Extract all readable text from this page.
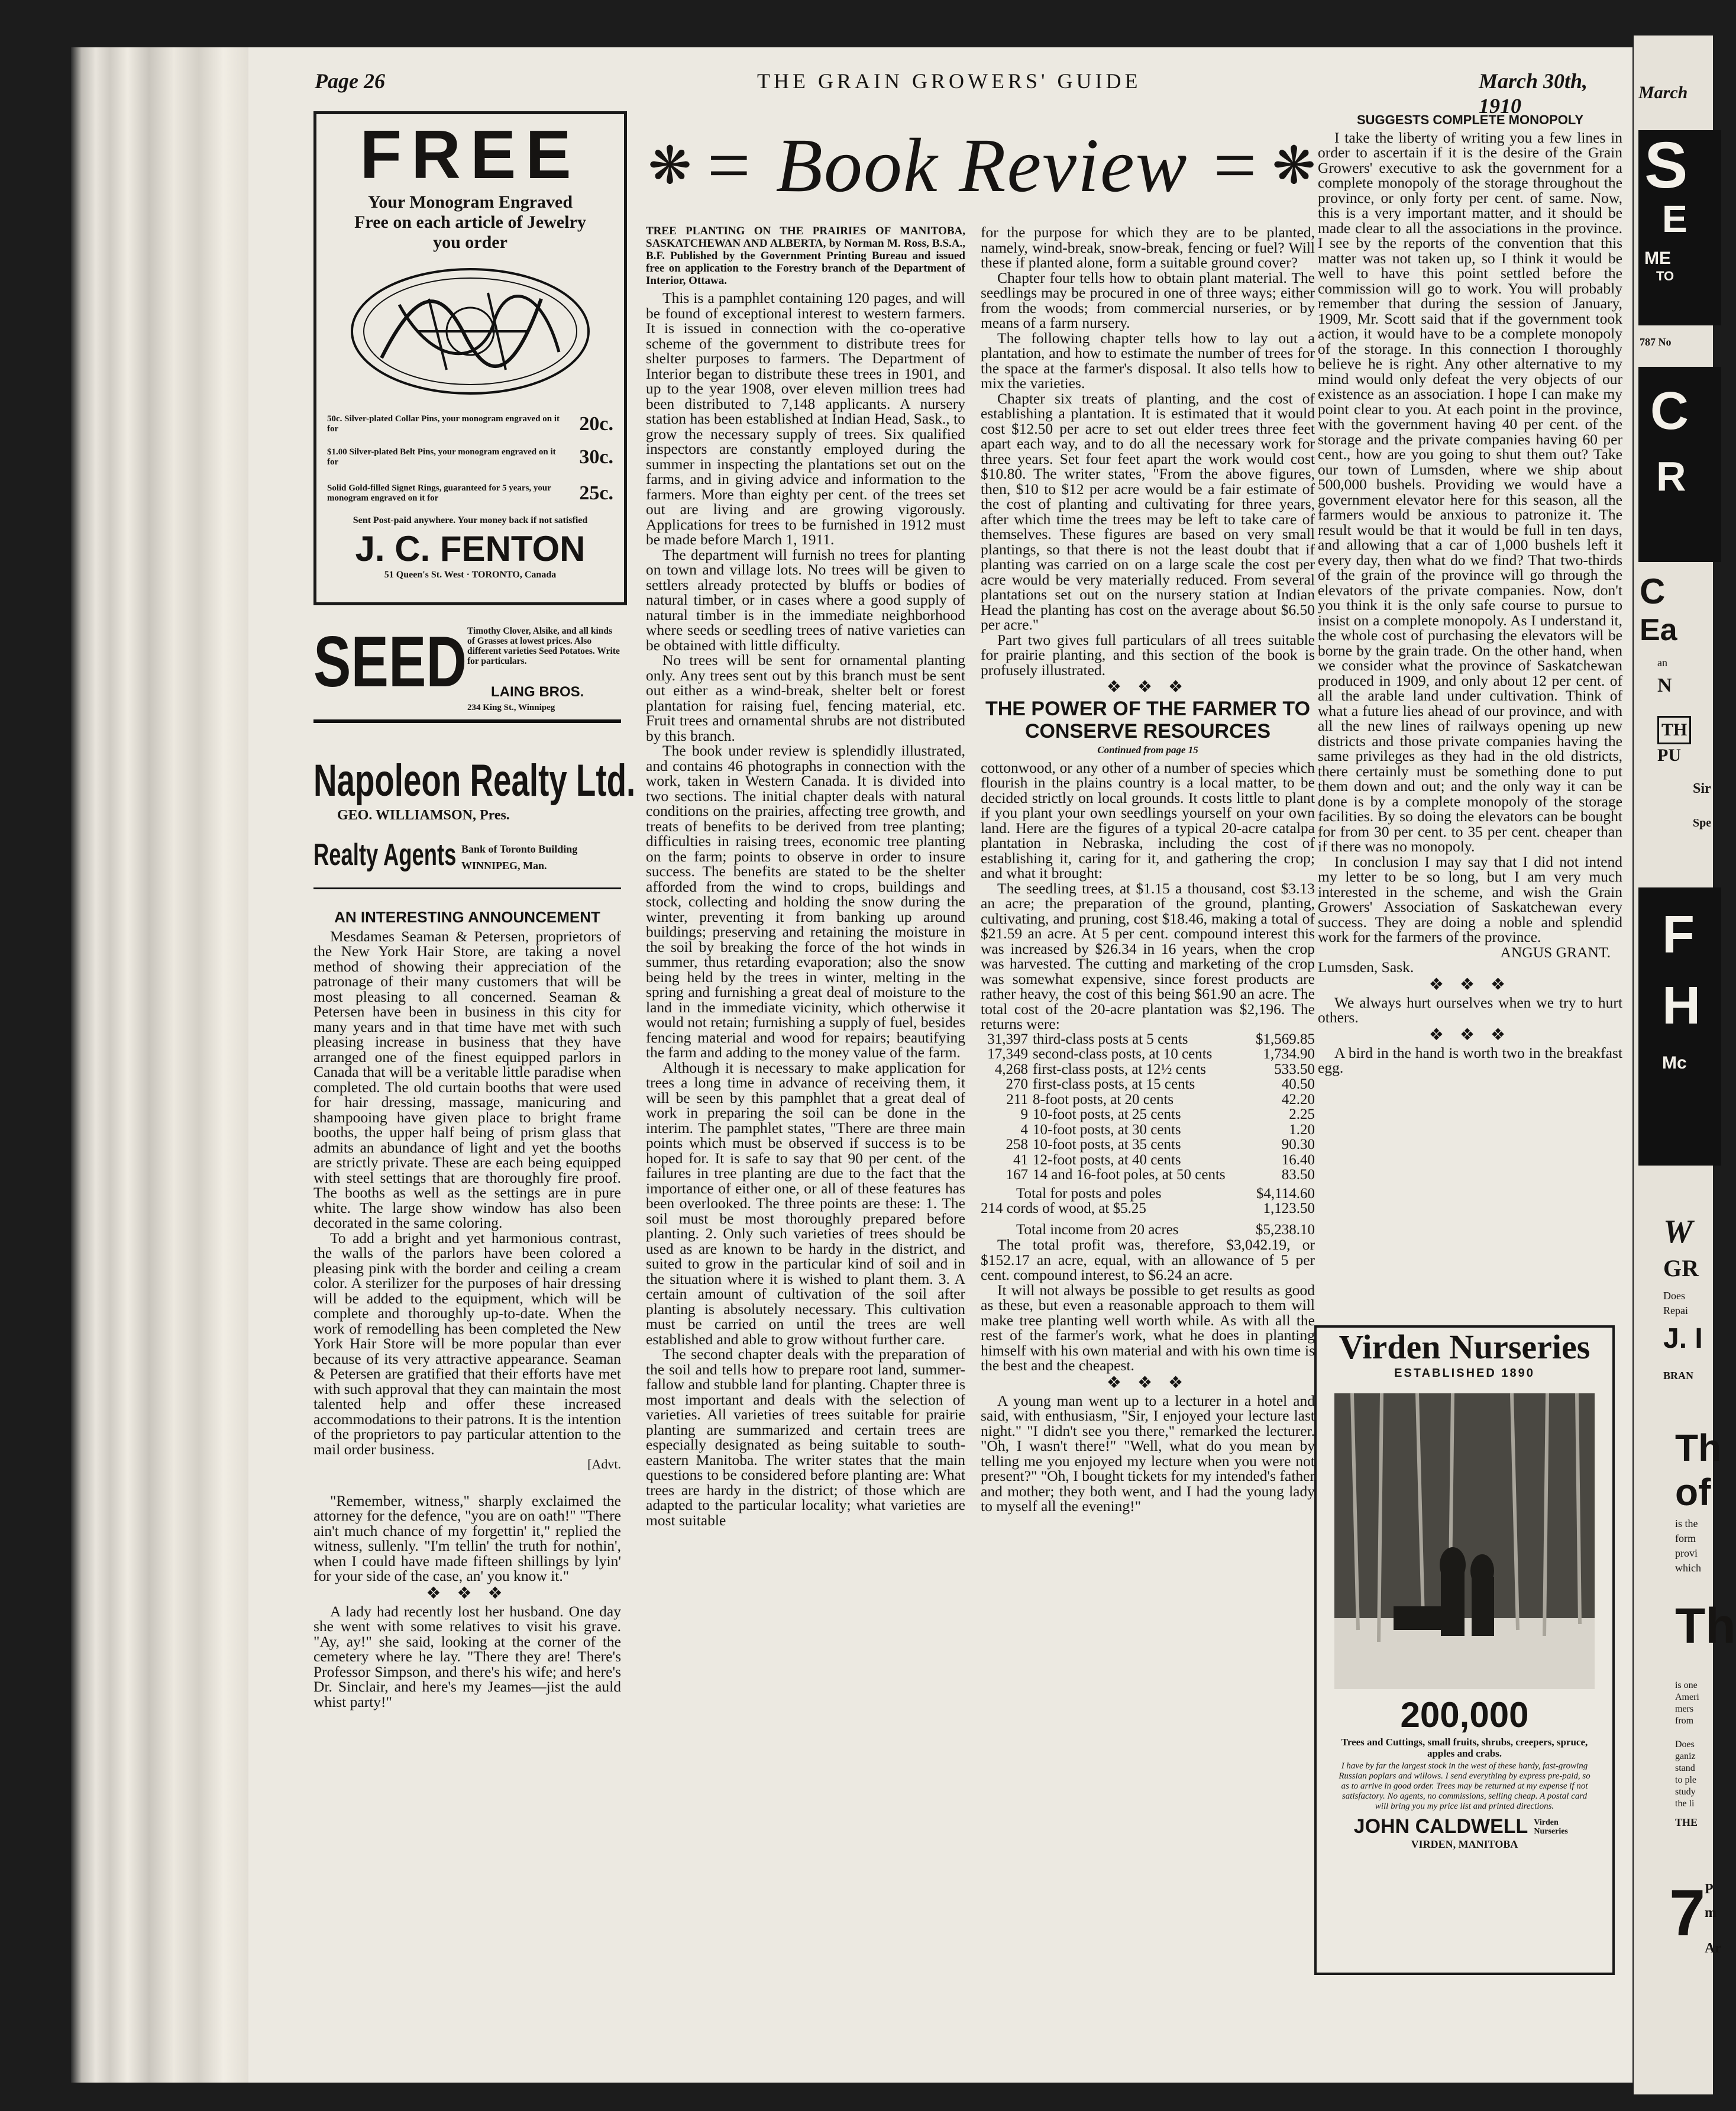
Page 26	THE GRAIN GROWERS' GUIDE	March 30th, 1910
FREE
Your Monogram Engraved Free on each article of Jewelry you order
50c. Silver-plated Collar Pins, your monogram engraved on it for	20c.
$1.00 Silver-plated Belt Pins, your monogram engraved on it for	30c.
Solid Gold-filled Signet Rings, guaranteed for 5 years, your monogram engraved on it for	25c.
Sent Post-paid anywhere. Your money back if not satisfied
J. C. FENTON
51 Queen's St. West · TORONTO, Canada
SEED Timothy Clover, Alsike, and all kinds of Grasses at lowest prices. Also different varieties Seed Potatoes. Write for particulars.
LAING BROS.
234 King St., Winnipeg
Napoleon Realty Ltd.
GEO. WILLIAMSON, Pres.
Realty Agents Bank of Toronto Building
WINNIPEG, Man.
AN INTERESTING ANNOUNCEMENT

Mesdames Seaman & Petersen, proprietors of the New York Hair Store, are taking a novel method of showing their appreciation of the patronage of their many customers that will be most pleasing to all concerned. Seaman & Petersen have been in business in this city for many years and in that time have met with such pleasing increase in business that they have arranged one of the finest equipped parlors in Canada that will be a veritable little paradise when completed. The old curtain booths that were used for hair dressing, massage, manicuring and shampooing have given place to bright frame booths, the upper half being of prism glass that admits an abundance of light and yet the booths are strictly private. These are each being equipped with steel settings that are thoroughly fire proof. The booths as well as the settings are in pure white. The large show window has also been decorated in the same coloring.

To add a bright and yet harmonious contrast, the walls of the parlors have been colored a pleasing pink with the border and ceiling a cream color. A sterilizer for the purposes of hair dressing will be added to the equipment, which will be complete and thoroughly up-to-date. When the work of remodelling has been completed the New York Hair Store will be more popular than ever because of its very attractive appearance. Seaman & Petersen are gratified that their efforts have met with such approval that they can maintain the most talented help and offer these increased accommodations to their patrons. It is the intention of the proprietors to pay particular attention to the mail order business.

[Advt.

"Remember, witness," sharply exclaimed the attorney for the defence, "you are on oath!" "There ain't much chance of my forgettin' it," replied the witness, sullenly. "I'm tellin' the truth for nothin', when I could have made fifteen shillings by lyin' for your side of the case, an' you know it."

❖ ❖ ❖

A lady had recently lost her husband. One day she went with some relatives to visit his grave. "Ay, ay!" she said, looking at the corner of the cemetery where he lay. "There they are! There's Professor Simpson, and there's his wife; and here's Dr. Sinclair, and here's my Jeames—jist the auld whist party!"

❋ = Book Review = ❋
TREE PLANTING ON THE PRAIRIES OF MANITOBA, SASKATCHEWAN AND ALBERTA, by Norman M. Ross, B.S.A., B.F. Published by the Government Printing Bureau and issued free on application to the Forestry branch of the Department of Interior, Ottawa.

This is a pamphlet containing 120 pages, and will be found of exceptional interest to western farmers. It is issued in connection with the co-operative scheme of the government to distribute trees for shelter purposes to farmers. The Department of Interior began to distribute these trees in 1901, and up to the year 1908, over eleven million trees had been distributed to 7,148 applicants. A nursery station has been established at Indian Head, Sask., to grow the necessary supply of trees. Six qualified inspectors are constantly employed during the summer in inspecting the plantations set out on the farms, and in giving advice and information to the farmers. More than eighty per cent. of the trees set out are living and are growing vigorously. Applications for trees to be furnished in 1912 must be made before March 1, 1911.

The department will furnish no trees for planting on town and village lots. No trees will be given to settlers already protected by bluffs or bodies of natural timber, or in cases where a good supply of natural timber is in the immediate neighborhood where seeds or seedling trees of native varieties can be obtained with little difficulty.

No trees will be sent for ornamental planting only. Any trees sent out by this branch must be sent out either as a wind-break, shelter belt or forest plantation for raising fuel, fencing material, etc. Fruit trees and ornamental shrubs are not distributed by this branch.

The book under review is splendidly illustrated, and contains 46 photographs in connection with the work, taken in Western Canada. It is divided into two sections. The initial chapter deals with natural conditions on the prairies, affecting tree growth, and treats of benefits to be derived from tree planting; difficulties in raising trees, economic tree planting on the farm; points to observe in order to insure success. The benefits are stated to be the shelter afforded from the wind to crops, buildings and stock, collecting and holding the snow during the winter, preventing it from banking up around buildings; preserving and retaining the moisture in the soil by breaking the force of the hot winds in summer, thus retarding evaporation; also the snow being held by the trees in winter, melting in the spring and furnishing a great deal of moisture to the land in the immediate vicinity, which otherwise it would not retain; furnishing a supply of fuel, besides fencing material and wood for repairs; beautifying the farm and adding to the money value of the farm.

Although it is necessary to make application for trees a long time in advance of receiving them, it will be seen by this pamphlet that a great deal of work in preparing the soil can be done in the interim. The pamphlet states, "There are three main points which must be observed if success is to be hoped for. It is safe to say that 90 per cent. of the failures in tree planting are due to the fact that the importance of either one, or all of these features has been overlooked. The three points are these: 1. The soil must be most thoroughly prepared before planting. 2. Only such varieties of trees should be used as are known to be hardy in the district, and suited to grow in the particular kind of soil and in the situation where it is wished to plant them. 3. A certain amount of cultivation of the soil after planting is absolutely necessary. This cultivation must be carried on until the trees are well established and able to grow without further care.

The second chapter deals with the preparation of the soil and tells how to prepare root land, summer-fallow and stubble land for planting. Chapter three is most important and deals with the selection of varieties. All varieties of trees suitable for prairie planting are summarized and certain trees are especially designated as being suitable to south-eastern Manitoba. The writer states that the main questions to be considered before planting are: What trees are hardy in the district; of those which are adapted to the particular locality; what varieties are most suitable

for the purpose for which they are to be planted, namely, wind-break, snow-break, fencing or fuel? Will these if planted alone, form a suitable ground cover?

Chapter four tells how to obtain plant material. The seedlings may be procured in one of three ways; either from the woods; from commercial nurseries, or by means of a farm nursery.

The following chapter tells how to lay out a plantation, and how to estimate the number of trees for the space at the farmer's disposal. It also tells how to mix the varieties.

Chapter six treats of planting, and the cost of establishing a plantation. It is estimated that it would cost $12.50 per acre to set out elder trees three feet apart each way, and to do all the necessary work for three years. Set four feet apart the work would cost $10.80. The writer states, "From the above figures, then, $10 to $12 per acre would be a fair estimate of the cost of planting and cultivating for three years, after which time the trees may be left to take care of themselves. These figures are based on very small plantings, so that there is not the least doubt that if planting was carried on on a large scale the cost per acre would be very materially reduced. From several plantations set out on the nursery station at Indian Head the planting has cost on the average about $6.50 per acre."

Part two gives full particulars of all trees suitable for prairie planting, and this section of the book is profusely illustrated.

❖ ❖ ❖
THE POWER OF THE FARMER TO CONSERVE RESOURCES
Continued from page 15

cottonwood, or any other of a number of species which flourish in the plains country is a local matter, to be decided strictly on local grounds. It costs little to plant if you plant your own seedlings yourself on your own land. Here are the figures of a typical 20-acre catalpa plantation in Nebraska, including the cost of establishing it, caring for it, and gathering the crop; and what it brought:

The seedling trees, at $1.15 a thousand, cost $3.13 an acre; the preparation of the ground, planting, cultivating, and pruning, cost $18.46, making a total of $21.59 an acre. At 5 per cent. compound interest this was increased by $26.34 in 16 years, when the crop was harvested. The cutting and marketing of the crop was somewhat expensive, since forest products are rather heavy, the cost of this being $61.90 an acre. The total cost of the 20-acre plantation was $2,196. The returns were:

31,397	third-class posts at 5 cents	$1,569.85
17,349	second-class posts, at 10 cents	1,734.90
4,268	first-class posts, at 12½ cents	533.50
270	first-class posts, at 15 cents	40.50
211	8-foot posts, at 20 cents	42.20
9	10-foot posts, at 25 cents	2.25
4	10-foot posts, at 30 cents	1.20
258	10-foot posts, at 35 cents	90.30
41	12-foot posts, at 40 cents	16.40
167	14 and 16-foot poles, at 50 cents	83.50
Total for posts and poles	$4,114.60
214 cords of wood, at $5.25	1,123.50
Total income from 20 acres	$5,238.10

The total profit was, therefore, $3,042.19, or $152.17 an acre, equal, with an allowance of 5 per cent. compound interest, to $6.24 an acre.

It will not always be possible to get results as good as these, but even a reasonable approach to them will make tree planting well worth while. As with all the rest of the farmer's work, what he does in planting himself with his own material and with his own time is the best and the cheapest.

❖ ❖ ❖

A young man went up to a lecturer in a hotel and said, with enthusiasm, "Sir, I enjoyed your lecture last night." "I didn't see you there," remarked the lecturer. "Oh, I wasn't there!" "Well, what do you mean by telling me you enjoyed my lecture when you were not present?" "Oh, I bought tickets for my intended's father and mother; they both went, and I had the young lady to myself all the evening!"

SUGGESTS COMPLETE MONOPOLY

I take the liberty of writing you a few lines in order to ascertain if it is the desire of the Grain Growers' executive to ask the government for a complete monopoly of the storage throughout the province, or only forty per cent. of same. Now, this is a very important matter, and it should be made clear to all the associations in the province. I see by the reports of the convention that this matter was not taken up, so I think it would be well to have this point settled before the commission will go to work. You will probably remember that during the session of January, 1909, Mr. Scott said that if the government took action, it would have to be a complete monopoly of the storage. In this connection I thoroughly believe he is right. Any other alternative to my mind would only defeat the very objects of our existence as an association. I hope I can make my point clear to you. At each point in the province, with the government having 40 per cent. of the storage and the private companies having 60 per cent., how are you going to shut them out? Take our town of Lumsden, where we ship about 500,000 bushels. Providing we would have a government elevator here for this season, all the farmers would be anxious to patronize it. The result would be that it would be full in ten days, and allowing that a car of 1,000 bushels left it every day, then what do we find? That two-thirds of the grain of the province will go through the elevators of the private companies. Now, don't you think it is the only safe course to pursue to insist on a complete monopoly. As I understand it, the whole cost of purchasing the elevators will be borne by the grain trade. On the other hand, when we consider what the province of Saskatchewan produced in 1909, and only about 12 per cent. of all the arable land under cultivation. Think of what a future lies ahead of our province, and with all the new lines of railways opening up new districts and those private companies having the same privileges as they had in the old districts, there certainly must be something done to put them down and out; and the only way it can be done is by a complete monopoly of the storage facilities. By so doing the elevators can be bought for from 30 per cent. to 35 per cent. cheaper than if there was no monopoly.

In conclusion I may say that I did not intend my letter to be so long, but I am very much interested in the scheme, and wish the Grain Growers' Association of Saskatchewan every success. They are doing a noble and splendid work for the farmers of the province.

ANGUS GRANT.
Lumsden, Sask.
❖ ❖ ❖

We always hurt ourselves when we try to hurt others.

❖ ❖ ❖

A bird in the hand is worth two in the breakfast egg.

Virden Nurseries
ESTABLISHED 1890
200,000
Trees and Cuttings, small fruits, shrubs, creepers, spruce, apples and crabs.
I have by far the largest stock in the west of these hardy, fast-growing Russian poplars and willows. I send everything by express pre-paid, so as to arrive in good order. Trees may be returned at my expense if not satisfactory. No agents, no commissions, selling cheap. A postal card will bring you my price list and printed directions.
JOHN CALDWELL Virden Nurseries
VIRDEN, MANITOBA
March
S
E
ME
TO
787 No
C
R
C
Ea
an
N
TH
PU
Sir
Spe
F
H
Mc
W
GR
Does
Repai
J. I
BRAN
Th
of
is the
form
provi
which
Th
is one
Ameri
mers
from
Does
ganiz
stand
to ple
study
the li
THE
7
P
m
Ar
